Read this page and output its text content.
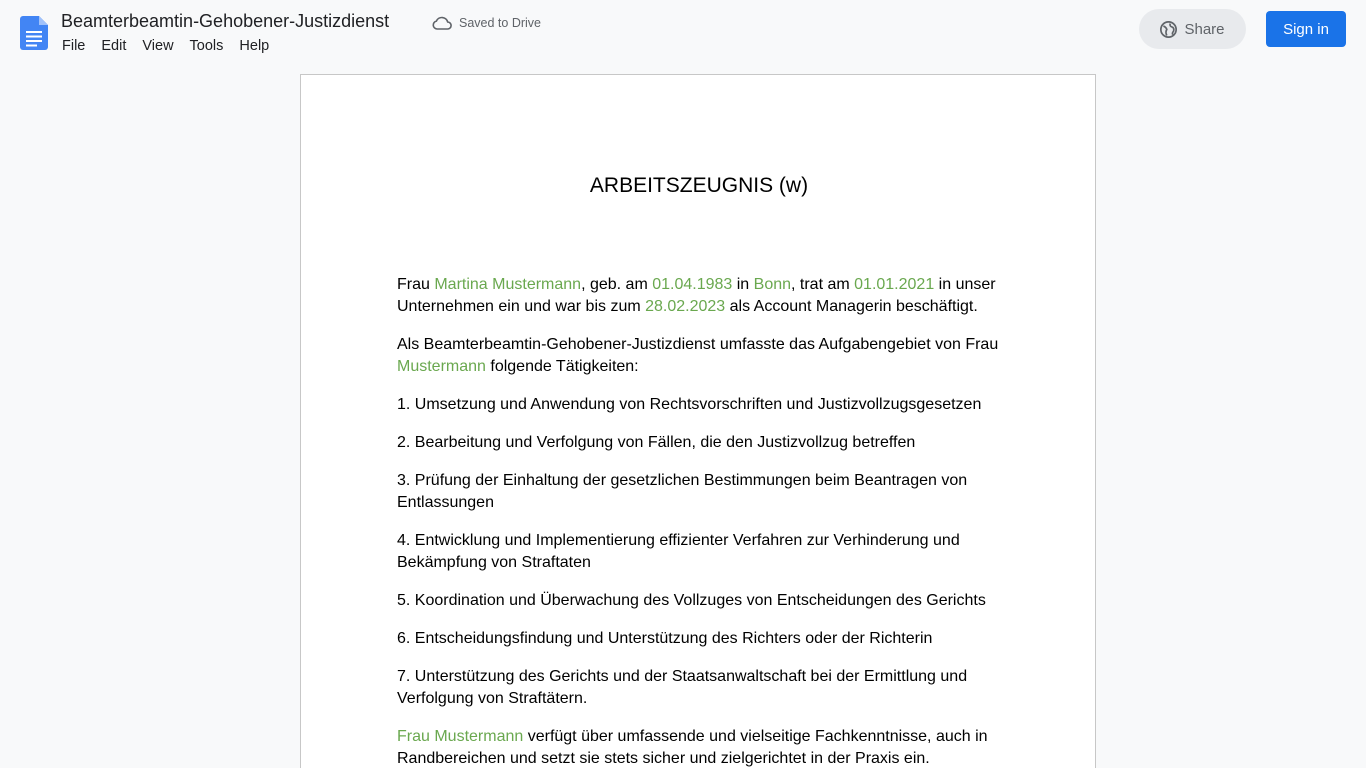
Beamterbeamtin-Gehobener-Justizdienst	Saved to Drive
File	Edit	View	Tools	Help
Share	Sign in
ARBEITSZEUGNIS (w)

Frau Martina Mustermann, geb. am 01.04.1983 in Bonn, trat am 01.01.2021 in unser Unternehmen ein und war bis zum 28.02.2023 als Account Managerin beschäftigt.

Als Beamterbeamtin-Gehobener-Justizdienst umfasste das Aufgabengebiet von Frau Mustermann folgende Tätigkeiten:

1. Umsetzung und Anwendung von Rechtsvorschriften und Justizvollzugsgesetzen

2. Bearbeitung und Verfolgung von Fällen, die den Justizvollzug betreffen

3. Prüfung der Einhaltung der gesetzlichen Bestimmungen beim Beantragen von Entlassungen

4. Entwicklung und Implementierung effizienter Verfahren zur Verhinderung und Bekämpfung von Straftaten

5. Koordination und Überwachung des Vollzuges von Entscheidungen des Gerichts

6. Entscheidungsfindung und Unterstützung des Richters oder der Richterin

7. Unterstützung des Gerichts und der Staatsanwaltschaft bei der Ermittlung und Verfolgung von Straftätern.

Frau Mustermann verfügt über umfassende und vielseitige Fachkenntnisse, auch in Randbereichen und setzt sie stets sicher und zielgerichtet in der Praxis ein.
